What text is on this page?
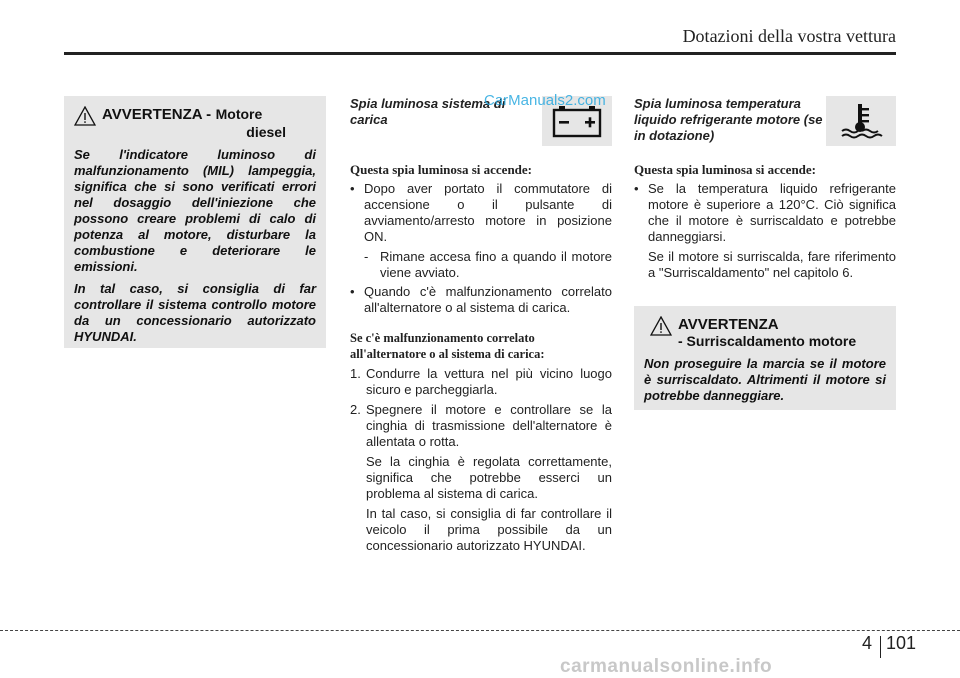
Dotazioni della vostra vettura
AVVERTENZA - Motore
diesel

Se l'indicatore luminoso di malfunzionamento (MIL) lampeggia, significa che si sono verificati errori nel dosaggio dell'iniezione che possono creare problemi di calo di potenza al motore, disturbare la combustione e deteriorare le emissioni.

In tal caso, si consiglia di far controllare il sistema controllo motore da un concessionario autorizzato HYUNDAI.

Spia luminosa sistema di carica
Questa spia luminosa si accende:
• Dopo aver portato il commutatore di accensione o il pulsante di avviamento/arresto motore in posizione ON.
- Rimane accesa fino a quando il motore viene avviato.
• Quando c'è malfunzionamento correlato all'alternatore o al sistema di carica.
Se c'è malfunzionamento correlato all'alternatore o al sistema di carica:
1. Condurre la vettura nel più vicino luogo sicuro e parcheggiarla.
2. Spegnere il motore e controllare se la cinghia di trasmissione dell'alternatore è allentata o rotta.
Se la cinghia è regolata correttamente, significa che potrebbe esserci un problema al sistema di carica.
In tal caso, si consiglia di far controllare il veicolo il prima possibile da un concessionario autorizzato HYUNDAI.
Spia luminosa temperatura liquido refrigerante motore (se in dotazione)
Questa spia luminosa si accende:
• Se la temperatura liquido refrigerante motore è superiore a 120°C. Ciò significa che il motore è surriscaldato e potrebbe danneggiarsi.
Se il motore si surriscalda, fare riferimento a "Surriscaldamento" nel capitolo 6.
AVVERTENZA
- Surriscaldamento motore

Non proseguire la marcia se il motore è surriscaldato. Altrimenti il motore si potrebbe danneggiare.

CarManuals2.com
4 101
carmanualsonline.info
